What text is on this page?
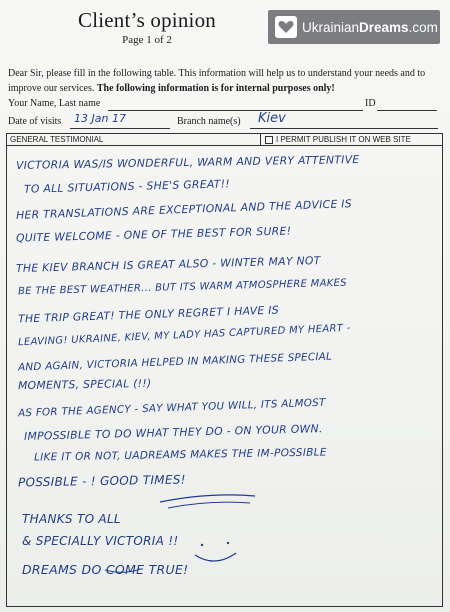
Client’s opinion
Page 1 of 2
Ukrainian Dreams .com
Dear Sir, please fill in the following table. This information will help us to understand your needs and to improve our services. The following information is for internal purposes only!
Your Name, Last name	ID
Date of visits 13 Jan 17	Branch name(s) Kiev
GENERAL TESTIMONIAL	I PERMIT PUBLISH IT ON WEB SITE
VICTORIA WAS/IS WONDERFUL, WARM AND VERY ATTENTIVE
TO ALL SITUATIONS - SHE'S GREAT!!
HER TRANSLATIONS ARE EXCEPTIONAL AND THE ADVICE IS
QUITE WELCOME - ONE OF THE BEST FOR SURE!
THE KIEV BRANCH IS GREAT ALSO - WINTER MAY NOT
BE THE BEST WEATHER... BUT ITS WARM ATMOSPHERE MAKES
THE TRIP GREAT! THE ONLY REGRET I HAVE IS
LEAVING! UKRAINE, KIEV, MY LADY HAS CAPTURED MY HEART -
AND AGAIN, VICTORIA HELPED IN MAKING THESE SPECIAL
MOMENTS, SPECIAL (!!)
AS FOR THE AGENCY - SAY WHAT YOU WILL, ITS ALMOST
IMPOSSIBLE TO DO WHAT THEY DO - ON YOUR OWN.
LIKE IT OR NOT, UADREAMS MAKES THE IM-POSSIBLE
POSSIBLE - ! GOOD TIMES!
THANKS TO ALL
& SPECIALLY VICTORIA !!
DREAMS DO COME TRUE!
